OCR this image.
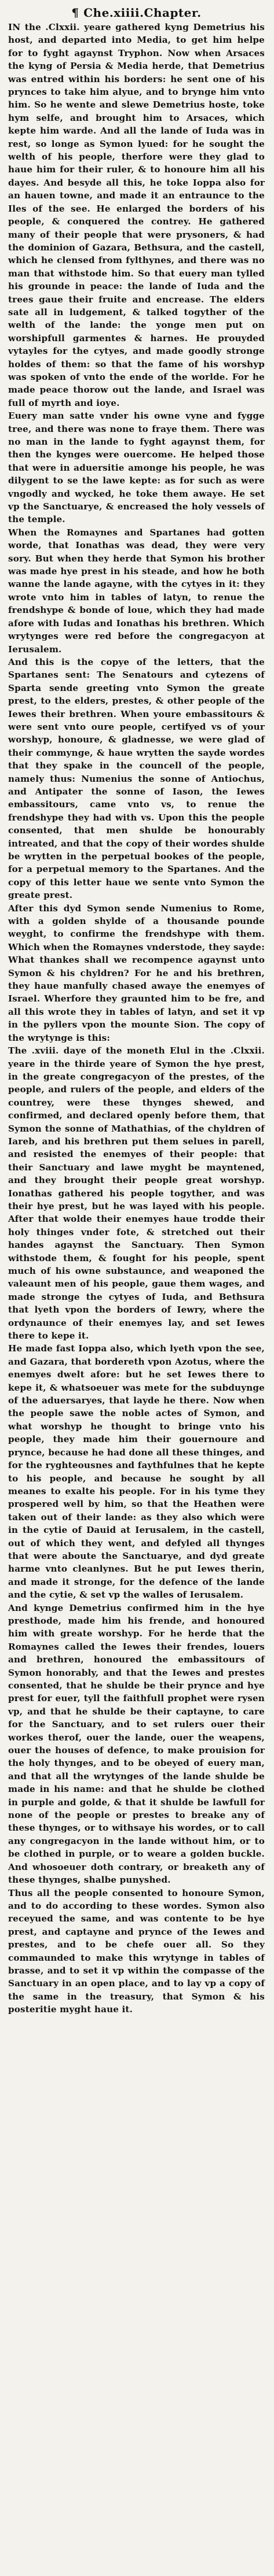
¶ Che.xiiii.Chapter.

IN the .Clxxii. yeare gathered kyng Demetrius his host, and departed into Media, to get him helpe for to fyght agaynst Tryphon. Now when Arsaces the kyng of Persia & Media herde, that Demetrius was entred within his borders: he sent one of his prynces to take him alyue, and to brynge him vnto him. So he wente and slewe Demetrius hoste, toke hym selfe, and brought him to Arsaces, which kepte him warde. And all the lande of Iuda was in rest, so longe as Symon lyued: for he sought the welth of his people, therfore were they glad to haue him for their ruler, & to honoure him all his dayes. And besyde all this, he toke Ioppa also for an hauen towne, and made it an entraunce to the Iles of the see. He enlarged the borders of his people, & conquered the contrey. He gathered many of their people that were prysoners, & had the dominion of Gazara, Bethsura, and the castell, which he clensed from fylthynes, and there was no man that withstode him. So that euery man tylled his grounde in peace: the lande of Iuda and the trees gaue their fruite and encrease. The elders sate all in ludgement, & talked togyther of the welth of the lande: the yonge men put on worshipfull garmentes & harnes. He prouyded vytayles for the cytyes, and made goodly stronge holdes of them: so that the fame of his worshyp was spoken of vnto the ende of the worlde. For he made peace thorow out the lande, and Israel was full of myrth and ioye.

Euery man satte vnder his owne vyne and fygge tree, and there was none to fraye them. There was no man in the lande to fyght agaynst them, for then the kynges were ouercome. He helped those that were in aduersitie amonge his people, he was dilygent to se the lawe kepte: as for such as were vngodly and wycked, he toke them awaye. He set vp the Sanctuarye, & encreased the holy vessels of the temple.

When the Romaynes and Spartanes had gotten worde, that Ionathas was dead, they were very sory. But when they herde that Symon his brother was made hye prest in his steade, and how he both wanne the lande agayne, with the cytyes in it: they wrote vnto him in tables of latyn, to renue the frendshype & bonde of loue, which they had made afore with Iudas and Ionathas his brethren. Which wrytynges were red before the congregacyon at Ierusalem.

And this is the copye of the letters, that the Spartanes sent: The Senatours and cytezens of Sparta sende greeting vnto Symon the greate prest, to the elders, prestes, & other people of the Iewes their brethren. When youre embassitours & were sent vnto oure people, certifyed vs of your worshyp, honoure, & gladnesse, we were glad of their commynge, & haue wrytten the sayde wordes that they spake in the councell of the people, namely thus: Numenius the sonne of Antiochus, and Antipater the sonne of Iason, the Iewes embassitours, came vnto vs, to renue the frendshype they had with vs. Upon this the people consented, that men shulde be honourably intreated, and that the copy of their wordes shulde be wrytten in the perpetual bookes of the people, for a perpetual memory to the Spartanes. And the copy of this letter haue we sente vnto Symon the greate prest.

After this dyd Symon sende Numenius to Rome, with a golden shylde of a thousande pounde weyght, to confirme the frendshype with them. Which when the Romaynes vnderstode, they sayde: What thankes shall we recompence agaynst unto Symon & his chyldren? For he and his brethren, they haue manfully chased awaye the enemyes of Israel. Wherfore they graunted him to be fre, and all this wrote they in tables of latyn, and set it vp in the pyllers vpon the mounte Sion. The copy of the wrytynge is this:

The .xviii. daye of the moneth Elul in the .Clxxii. yeare in the thirde yeare of Symon the hye prest, in the greate congregacyon of the prestes, of the people, and rulers of the people, and elders of the countrey, were these thynges shewed, and confirmed, and declared openly before them, that Symon the sonne of Mathathias, of the chyldren of Iareb, and his brethren put them selues in parell, and resisted the enemyes of their people: that their Sanctuary and lawe myght be mayntened, and they brought their people great worshyp. Ionathas gathered his people togyther, and was their hye prest, but he was layed with his people. After that wolde their enemyes haue trodde their holy thinges vnder fote, & stretched out their handes agaynst the Sanctuary. Then Symon withstode them, & fought for his people, spent much of his owne substaunce, and weaponed the valeaunt men of his people, gaue them wages, and made stronge the cytyes of Iuda, and Bethsura that lyeth vpon the borders of Iewry, where the ordynaunce of their enemyes lay, and set Iewes there to kepe it.

He made fast Ioppa also, which lyeth vpon the see, and Gazara, that bordereth vpon Azotus, where the enemyes dwelt afore: but he set Iewes there to kepe it, & whatsoeuer was mete for the subduynge of the aduersaryes, that layde he there. Now when the people sawe the noble actes of Symon, and what worshyp he thought to bringe vnto his people, they made him their gouernoure and prynce, because he had done all these thinges, and for the ryghteousnes and faythfulnes that he kepte to his people, and because he sought by all meanes to exalte his people. For in his tyme they prospered well by him, so that the Heathen were taken out of their lande: as they also which were in the cytie of Dauid at Ierusalem, in the castell, out of which they went, and defyled all thynges that were aboute the Sanctuarye, and dyd greate harme vnto cleanlynes. But he put Iewes therin, and made it stronge, for the defence of the lande and the cytie, & set vp the walles of Ierusalem.

And kynge Demetrius confirmed him in the hye presthode, made him his frende, and honoured him with greate worshyp. For he herde that the Romaynes called the Iewes their frendes, louers and brethren, honoured the embassitours of Symon honorably, and that the Iewes and prestes consented, that he shulde be their prynce and hye prest for euer, tyll the faithfull prophet were rysen vp, and that he shulde be their captayne, to care for the Sanctuary, and to set rulers ouer their workes therof, ouer the lande, ouer the weapens, ouer the houses of defence, to make prouision for the holy thynges, and to be obeyed of euery man, and that all the wrytynges of the lande shulde be made in his name: and that he shulde be clothed in purple and golde, & that it shulde be lawfull for none of the people or prestes to breake any of these thynges, or to withsaye his wordes, or to call any congregacyon in the lande without him, or to be clothed in purple, or to weare a golden buckle. And whosoeuer doth contrary, or breaketh any of these thynges, shalbe punyshed.

Thus all the people consented to honoure Symon, and to do according to these wordes. Symon also receyued the same, and was contente to be hye prest, and captayne and prynce of the Iewes and prestes, and to be chefe ouer all. So they commaunded to make this wrytynge in tables of brasse, and to set it vp within the compasse of the Sanctuary in an open place, and to lay vp a copy of the same in the treasury, that Symon & his posteritie myght haue it.
